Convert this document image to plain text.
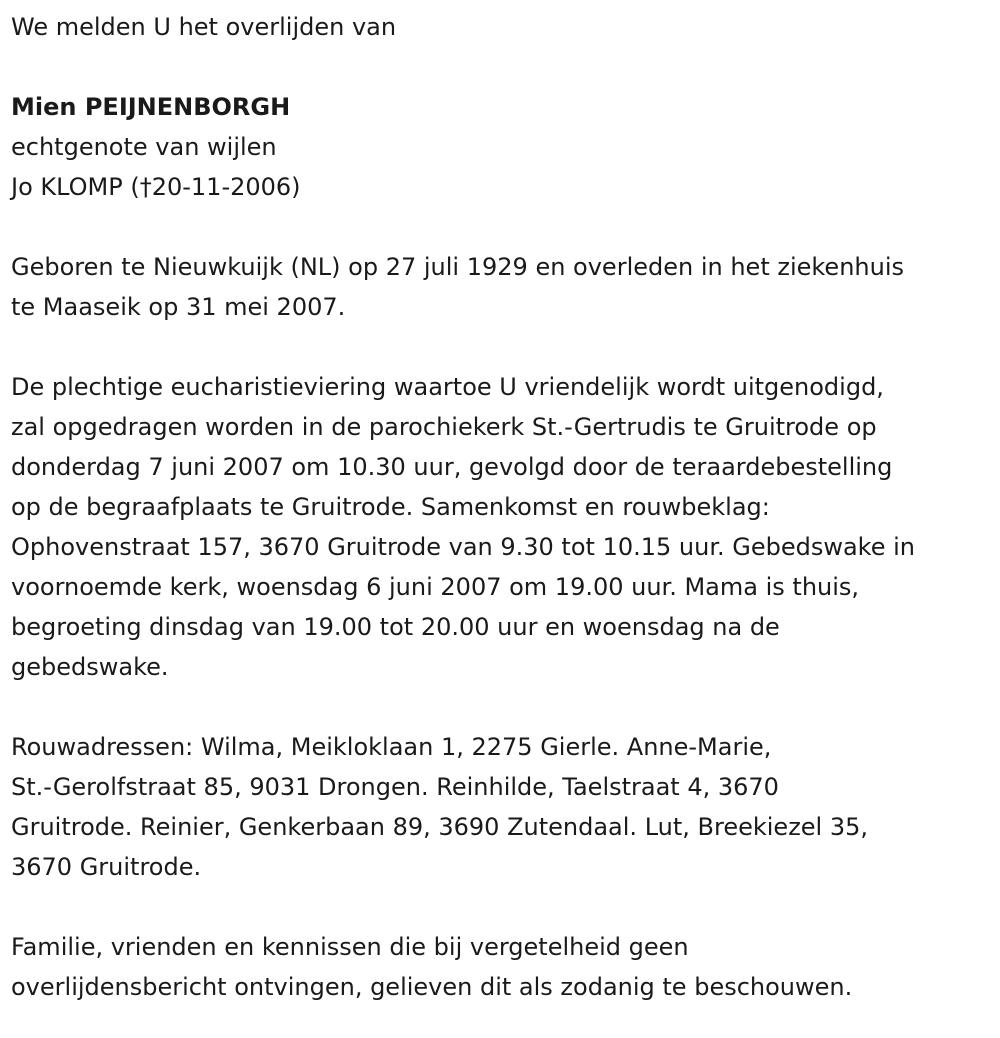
We melden U het overlijden van

Mien PEIJNENBORGH

echtgenote van wijlen

Jo KLOMP (†20-11-2006)

Geboren te Nieuwkuijk (NL) op 27 juli 1929 en overleden in het ziekenhuis

te Maaseik op 31 mei 2007.

De plechtige eucharistieviering waartoe U vriendelijk wordt uitgenodigd,

zal opgedragen worden in de parochiekerk St.-Gertrudis te Gruitrode op

donderdag 7 juni 2007 om 10.30 uur, gevolgd door de teraardebestelling

op de begraafplaats te Gruitrode. Samenkomst en rouwbeklag:

Ophovenstraat 157, 3670 Gruitrode van 9.30 tot 10.15 uur. Gebedswake in

voornoemde kerk, woensdag 6 juni 2007 om 19.00 uur. Mama is thuis,

begroeting dinsdag van 19.00 tot 20.00 uur en woensdag na de

gebedswake.

Rouwadressen: Wilma, Meikloklaan 1, 2275 Gierle. Anne-Marie,

St.-Gerolfstraat 85, 9031 Drongen. Reinhilde, Taelstraat 4, 3670

Gruitrode. Reinier, Genkerbaan 89, 3690 Zutendaal. Lut, Breekiezel 35,

3670 Gruitrode.

Familie, vrienden en kennissen die bij vergetelheid geen

overlijdensbericht ontvingen, gelieven dit als zodanig te beschouwen.
